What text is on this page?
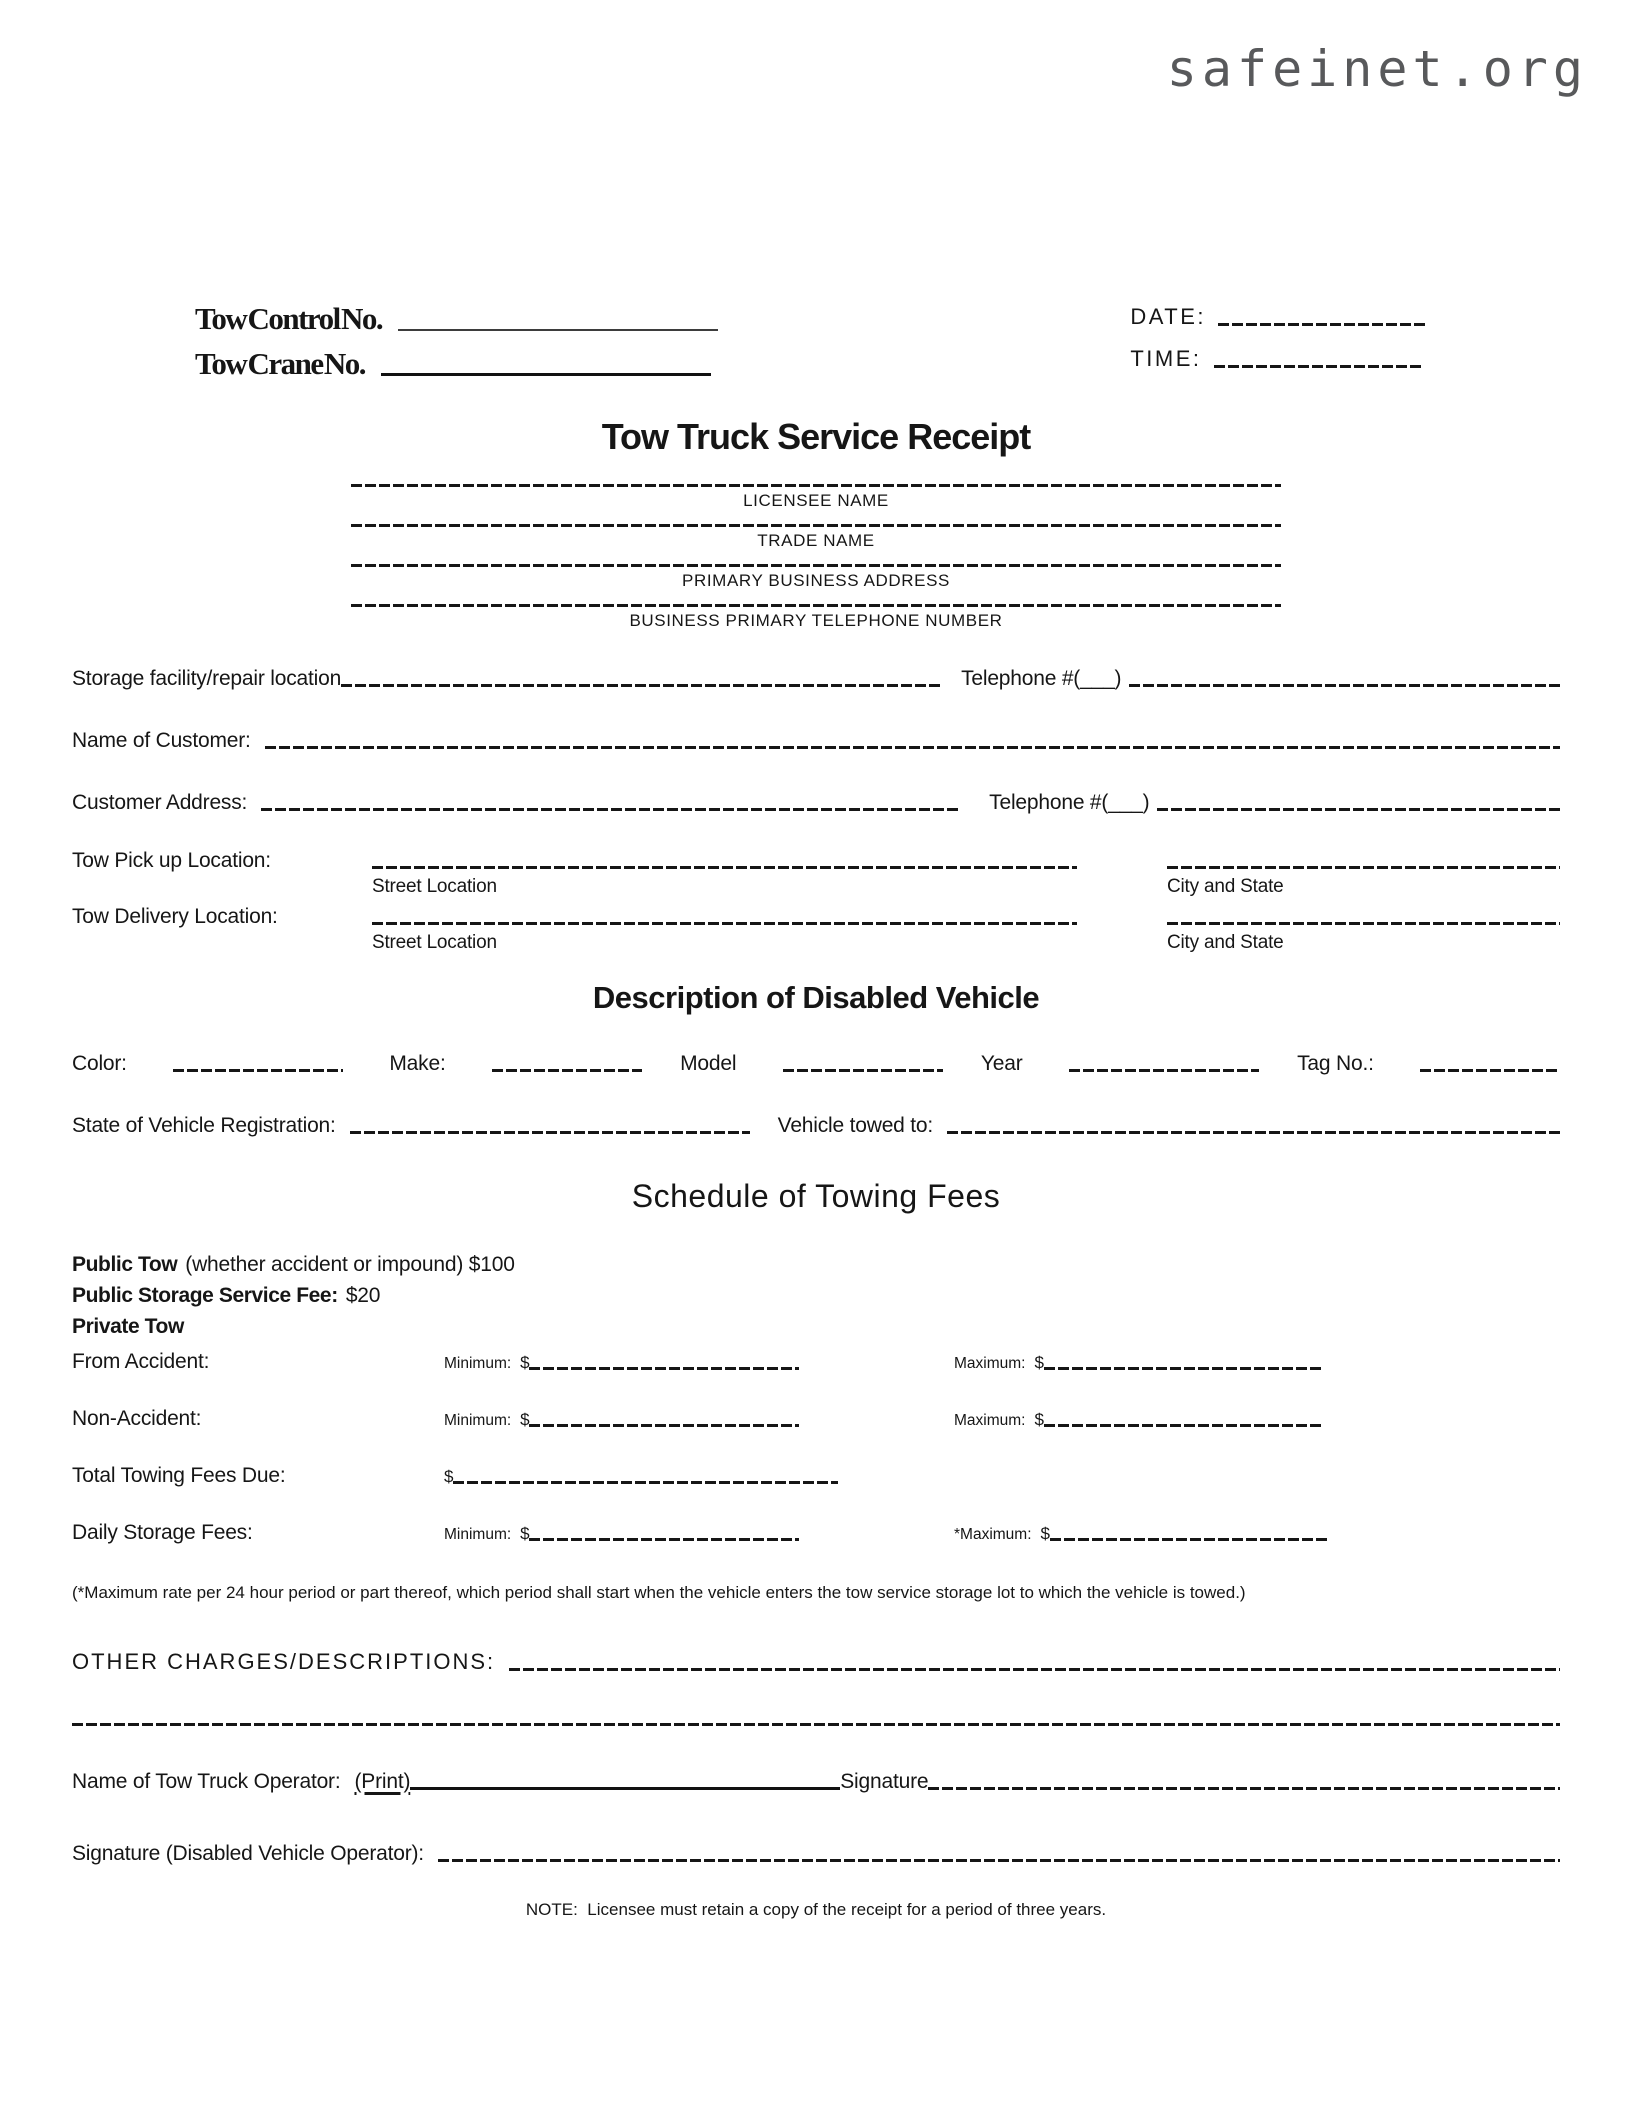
safeinet.org
Tow Control No.
Tow Crane No.
DATE:
TIME:
Tow Truck Service Receipt
LICENSEE NAME
TRADE NAME
PRIMARY BUSINESS ADDRESS
BUSINESS PRIMARY TELEPHONE NUMBER
Storage facility/repair location	Telephone #(___)
Name of Customer:
Customer Address:	Telephone #(___)
Tow Pick up Location:
Street Location	City and State
Tow Delivery Location:
Street Location	City and State
Description of Disabled Vehicle
Color:	Make:	Model	Year	Tag No.:
State of Vehicle Registration:	Vehicle towed to:
Schedule of Towing Fees
Public Tow (whether accident or impound) $100
Public Storage Service Fee: $20
Private Tow
From Accident:	Minimum: $	Maximum: $
Non-Accident:	Minimum: $	Maximum: $
Total Towing Fees Due:	$
Daily Storage Fees:	Minimum: $	*Maximum: $
(*Maximum rate per 24 hour period or part thereof, which period shall start when the vehicle enters the tow service storage lot to which the vehicle is towed.)
OTHER CHARGES/DESCRIPTIONS:
Name of Tow Truck Operator: (Print)	Signature
Signature (Disabled Vehicle Operator):
NOTE:  Licensee must retain a copy of the receipt for a period of three years.
